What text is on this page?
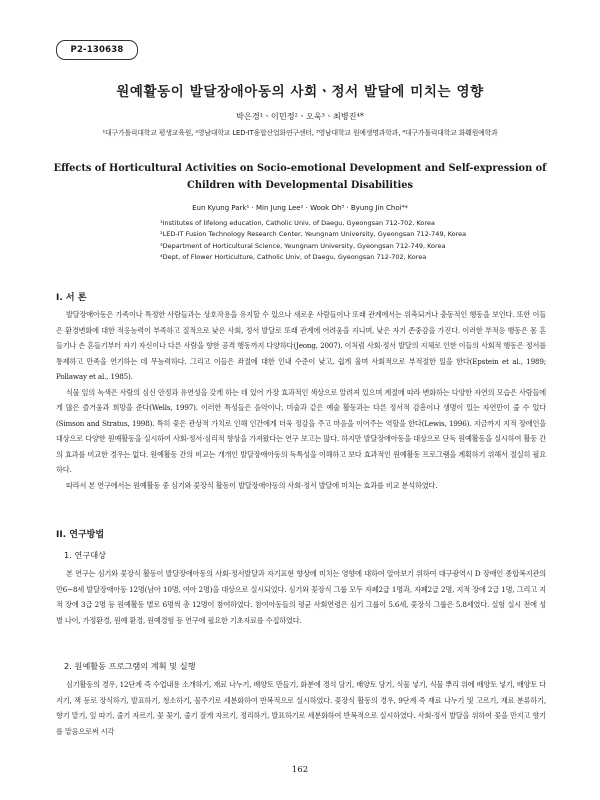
P2-130638
원예활동이 발달장애아동의 사회ㆍ정서 발달에 미치는 영향
박은경¹ㆍ이민정²ㆍ오욱³ㆍ최병진⁴*
¹대구가톨릭대학교 평생교육원, ²영남대학교 LED-IT융합산업화연구센터, ³영남대학교 원예생명과학과, ⁴대구가톨릭대학교 화훼원예학과
Effects of Horticultural Activities on Socio-emotional Development and Self-expression of
Children with Developmental Disabilities
Eun Kyung Park¹ · Min Jung Lee² · Wook Oh³ · Byung Jin Choi⁴*
¹Institutes of lifelong education, Catholic Univ, of Daegu, Gyeongsan 712-702, Korea
²LED-IT Fusion Technology Research Center, Yeungnam University, Gyeongsan 712-749, Korea
³Department of Horticultural Science, Yeungnam University, Gyeongsan 712-749, Korea
⁴Dept, of Flower Horticulture, Catholic Univ, of Daegu, Gyeongsan 712-702, Korea
I. 서 론

발달장애아동은 가족이나 특정한 사람들과는 상호작용을 유지할 수 있으나 새로운 사람들이나 또래 관계에서는 위축되거나 충동적인 행동을 보인다. 또한 이들은 환경변화에 대한 적응능력이 부족하고 질적으로 낮은 사회, 정서 발달로 또래 관계에 어려움을 지니며, 낮은 자기 존중감을 가진다. 이러한 부적응 행동은 몸 흔들기나 손 흔들기부터 자기 자신이나 다른 사람을 향한 공격 행동까지 다양하다(Jeong, 2007). 이처럼 사회·정서 발달의 지체로 인한 이들의 사회적 행동은 정서를 통제하고 만족을 연기하는 데 무능력하다. 그리고 이들은 좌절에 대한 인내 수준이 낮고, 쉽게 울며 사회적으로 부적절한 일을 한다(Epstein et al., 1989; Pollaway et al., 1985).

식물 잎의 녹색은 사람의 심신 안정과 유연성을 갖게 하는 데 있어 가장 효과적인 색상으로 알려져 있으며 계절에 따라 변화하는 다양한 자연의 모습은 사람들에게 많은 즐거움과 희망을 준다(Wells, 1997). 이러한 특성들은 음악이나, 미술과 같은 예술 활동과는 다른 정서적 감흥이나 생명이 있는 자연만이 줄 수 있다(Simson and Stratus, 1998). 특히 꽃은 관상적 가치로 인해 인간에게 더욱 정감을 주고 마음을 이어주는 역할을 한다(Lewis, 1996). 지금까지 지적 장애인을 대상으로 다양한 원예활동을 실시하여 사회·정서·심리적 향상을 가져왔다는 연구 보고는 많다. 하지만 발달장애아동을 대상으로 단독 원예활동을 실시하여 활동 간의 효과를 비교한 경우는 없다. 원예활동 간의 비교는 개개인 발달장애아동의 독특성을 이해하고 보다 효과적인 원예활동 프로그램을 계획하기 위해서 절실히 필요하다.

따라서 본 연구에서는 원예활동 중 심기와 꽃장식 활동이 발달장애아동의 사회·정서 발달에 미치는 효과를 비교 분석하였다.

II. 연구방법
1. 연구대상

본 연구는 심기와 꽃장식 활동이 발달장애아동의 사회·정서발달과 자기표현 향상에 미치는 영향에 대하여 알아보기 위하여 대구광역시 D 장애인 종합복지관의 만6~8세 발달장애아동 12명(남아 10명, 여아 2명)을 대상으로 실시되었다. 심기와 꽃장식 그룹 모두 자폐2급 1명과, 자폐2급 2명, 지적 장애 2급 1명, 그리고 지적 장애 3급 2명 등 원예활동 별로 6명씩 총 12명이 참여하였다. 참여아동들의 평균 사회연령은 심기 그룹이 5.6세, 꽃장식 그룹은 5.8세였다. 실험 실시 전에 성별 나이, 가정환경, 원예 환경, 원예경험 등 연구에 필요한 기초자료를 수집하였다.

2. 원예활동 프로그램의 계획 및 실행

심기활동의 경우, 12단계 즉 수업내용 소개하기, 재료 나누기, 배양토 만들기, 화분에 경석 담기, 배양토 담기, 식물 넣기, 식물 뿌리 위에 배양토 넣기, 배양토 다지기, 잭 등로 장식하기, 발표하기, 청소하기, 물주기로 세분화하여 반복적으로 실시하였다. 꽃장식 활동의 경우, 9단계 즉 재료 나누기 및 고르기, 재료 분류하기, 향기 맡기, 잎 따기, 줄기 자르기, 꽃 꽂기, 줄기 잘게 자르기, 정리하기, 발표하기로 세분화하여 반복적으로 실시하였다. 사회·정서 발달을 위하여 꽃을 만지고 향기를 맡음으로써 시각

162
